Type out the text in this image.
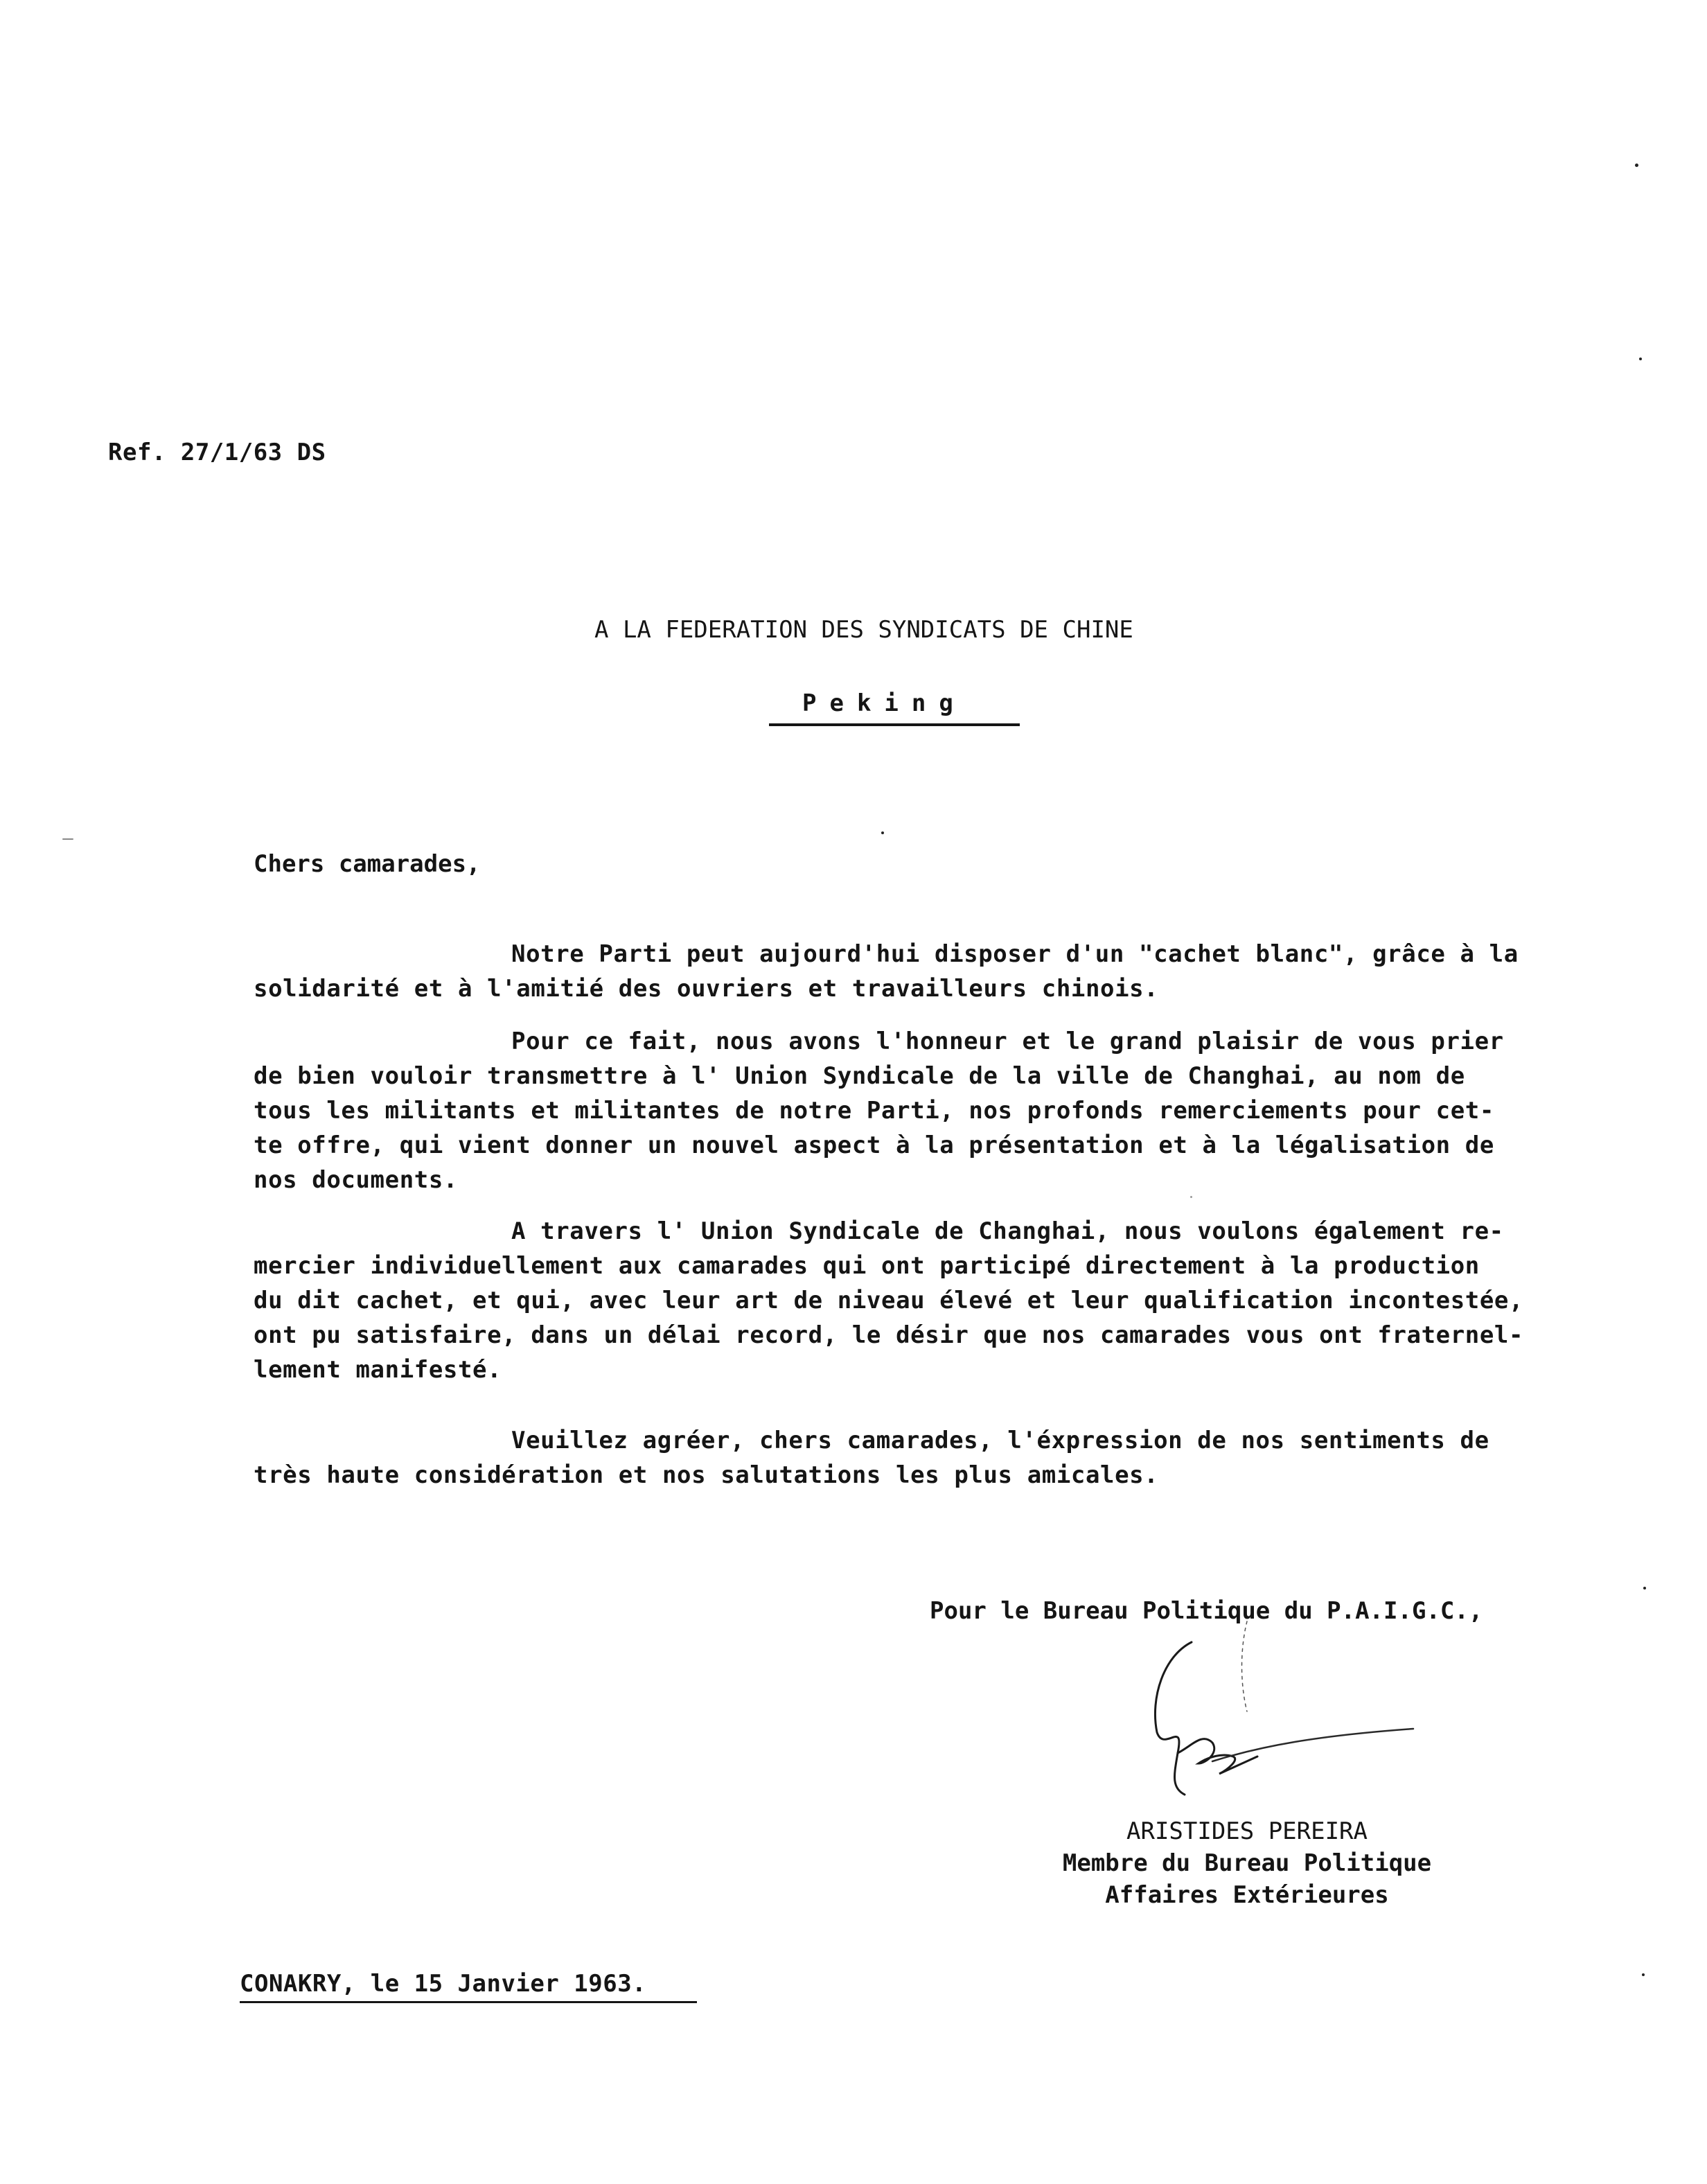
Ref. 27/1/63 DS
A LA FEDERATION DES SYNDICATS DE CHINE
Peking
Chers camarades,
Notre Parti peut aujourd'hui disposer d'un "cachet blanc", grâce à la
solidarité et à l'amitié des ouvriers et travailleurs chinois.
Pour ce fait, nous avons l'honneur et le grand plaisir de vous prier
de bien vouloir transmettre à l' Union Syndicale de la ville de Changhai, au nom de
tous les militants et militantes de notre Parti, nos profonds remerciements pour cet-
te offre, qui vient donner un nouvel aspect à la présentation et à la légalisation de
nos documents.
A travers l' Union Syndicale de Changhai, nous voulons également re-
mercier individuellement aux camarades qui ont participé directement à la production
du dit cachet, et qui, avec leur art de niveau élevé et leur qualification incontestée,
ont pu satisfaire, dans un délai record, le désir que nos camarades vous ont fraternel-
lement manifesté.
Veuillez agréer, chers camarades, l'éxpression de nos sentiments de
très haute considération et nos salutations les plus amicales.
Pour le Bureau Politique du P.A.I.G.C.,
ARISTIDES PEREIRA
Membre du Bureau Politique
Affaires Extérieures
CONAKRY, le 15 Janvier 1963.
